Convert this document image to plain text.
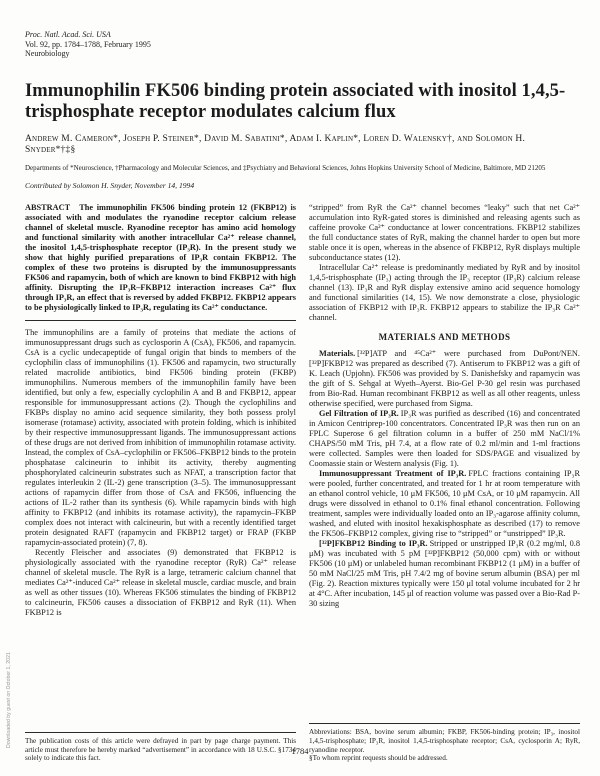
Downloaded by guest on October 1, 2021
Proc. Natl. Acad. Sci. USA
Vol. 92, pp. 1784–1788, February 1995
Neurobiology
Immunophilin FK506 binding protein associated with inositol 1,4,5-trisphosphate receptor modulates calcium flux
Andrew M. Cameron*, Joseph P. Steiner*, David M. Sabatini*, Adam I. Kaplin*, Loren D. Walensky†, and Solomon H. Snyder*†‡§
Departments of *Neuroscience, †Pharmacology and Molecular Sciences, and ‡Psychiatry and Behavioral Sciences, Johns Hopkins University School of Medicine, Baltimore, MD 21205
Contributed by Solomon H. Snyder, November 14, 1994

ABSTRACT The immunophilin FK506 binding protein 12 (FKBP12) is associated with and modulates the ryanodine receptor calcium release channel of skeletal muscle. Ryanodine receptor has amino acid homology and functional similarity with another intracellular Ca²⁺ release channel, the inositol 1,4,5-trisphosphate receptor (IP₃R). In the present study we show that highly purified preparations of IP₃R contain FKBP12. The complex of these two proteins is disrupted by the immunosuppressants FK506 and rapamycin, both of which are known to bind FKBP12 with high affinity. Disrupting the IP₃R–FKBP12 interaction increases Ca²⁺ flux through IP₃R, an effect that is reversed by added FKBP12. FKBP12 appears to be physiologically linked to IP₃R, regulating its Ca²⁺ conductance.

The immunophilins are a family of proteins that mediate the actions of immunosuppressant drugs such as cyclosporin A (CsA), FK506, and rapamycin. CsA is a cyclic undecapeptide of fungal origin that binds to members of the cyclophilin class of immunophilins (1). FK506 and rapamycin, two structurally related macrolide antibiotics, bind FK506 binding protein (FKBP) immunophilins. Numerous members of the immunophilin family have been identified, but only a few, especially cyclophilin A and B and FKBP12, appear responsible for immunosuppressant actions (2). Though the cyclophilins and FKBPs display no amino acid sequence similarity, they both possess prolyl isomerase (rotamase) activity, associated with protein folding, which is inhibited by their respective immunosuppressant ligands. The immunosuppressant actions of these drugs are not derived from inhibition of immunophilin rotamase activity. Instead, the complex of CsA–cyclophilin or FK506–FKBP12 binds to the protein phosphatase calcineurin to inhibit its activity, thereby augmenting phosphorylated calcineurin substrates such as NFAT, a transcription factor that regulates interleukin 2 (IL-2) gene transcription (3–5). The immunosuppressant actions of rapamycin differ from those of CsA and FK506, influencing the actions of IL-2 rather than its synthesis (6). While rapamycin binds with high affinity to FKBP12 (and inhibits its rotamase activity), the rapamycin–FKBP complex does not interact with calcineurin, but with a recently identified target protein designated RAFT (rapamycin and FKBP12 target) or FRAP (FKBP rapamycin-associated protein) (7, 8).

Recently Fleischer and associates (9) demonstrated that FKBP12 is physiologically associated with the ryanodine receptor (RyR) Ca²⁺ release channel of skeletal muscle. The RyR is a large, tetrameric calcium channel that mediates Ca²⁺-induced Ca²⁺ release in skeletal muscle, cardiac muscle, and brain as well as other tissues (10). Whereas FK506 stimulates the binding of FKBP12 to calcineurin, FK506 causes a dissociation of FKBP12 and RyR (11). When FKBP12 is

The publication costs of this article were defrayed in part by page charge payment. This article must therefore be hereby marked “advertisement” in accordance with 18 U.S.C. §1734 solely to indicate this fact.

“stripped” from RyR the Ca²⁺ channel becomes “leaky” such that net Ca²⁺ accumulation into RyR-gated stores is diminished and releasing agents such as caffeine provoke Ca²⁺ conductance at lower concentrations. FKBP12 stabilizes the full conductance states of RyR, making the channel harder to open but more stable once it is open, whereas in the absence of FKBP12, RyR displays multiple subconductance states (12).

Intracellular Ca²⁺ release is predominantly mediated by RyR and by inositol 1,4,5-trisphosphate (IP₃) acting through the IP₃ receptor (IP₃R) calcium release channel (13). IP₃R and RyR display extensive amino acid sequence homology and functional similarities (14, 15). We now demonstrate a close, physiologic association of FKBP12 with IP₃R. FKBP12 appears to stabilize the IP₃R Ca²⁺ channel.

MATERIALS AND METHODS

Materials. [³²P]ATP and ⁴⁵Ca²⁺ were purchased from DuPont/NEN. [³²P]FKBP12 was prepared as described (7). Antiserum to FKBP12 was a gift of K. Leach (Upjohn). FK506 was provided by S. Danishefsky and rapamycin was the gift of S. Sehgal at Wyeth–Ayerst. Bio-Gel P-30 gel resin was purchased from Bio-Rad. Human recombinant FKBP12 as well as all other reagents, unless otherwise specified, were purchased from Sigma.

Gel Filtration of IP₃R. IP₃R was purified as described (16) and concentrated in Amicon Centriprep-100 concentrators. Concentrated IP₃R was then run on an FPLC Superose 6 gel filtration column in a buffer of 250 mM NaCl/1% CHAPS/50 mM Tris, pH 7.4, at a flow rate of 0.2 ml/min and 1-ml fractions were collected. Samples were then loaded for SDS/PAGE and visualized by Coomassie stain or Western analysis (Fig. 1).

Immunosuppressant Treatment of IP₃R. FPLC fractions containing IP₃R were pooled, further concentrated, and treated for 1 hr at room temperature with an ethanol control vehicle, 10 μM FK506, 10 μM CsA, or 10 μM rapamycin. All drugs were dissolved in ethanol to 0.1% final ethanol concentration. Following treatment, samples were individually loaded onto an IP₃-agarose affinity column, washed, and eluted with inositol hexakisphosphate as described (17) to remove the FK506–FKBP12 complex, giving rise to “stripped” or “unstripped” IP₃R.

[³²P]FKBP12 Binding to IP₃R. Stripped or unstripped IP₃R (0.2 mg/ml, 0.8 μM) was incubated with 5 pM [³²P]FKBP12 (50,000 cpm) with or without FK506 (10 μM) or unlabeled human recombinant FKBP12 (1 μM) in a buffer of 50 mM NaCl/25 mM Tris, pH 7.4/2 mg of bovine serum albumin (BSA) per ml (Fig. 2). Reaction mixtures typically were 150 μl total volume incubated for 2 hr at 4°C. After incubation, 145 μl of reaction volume was passed over a Bio-Rad P-30 sizing

Abbreviations: BSA, bovine serum albumin; FKBP, FK506-binding protein; IP₃, inositol 1,4,5-trisphosphate; IP₃R, inositol 1,4,5-trisphosphate receptor; CsA, cyclosporin A; RyR, ryanodine receptor.

§To whom reprint requests should be addressed.

1784
